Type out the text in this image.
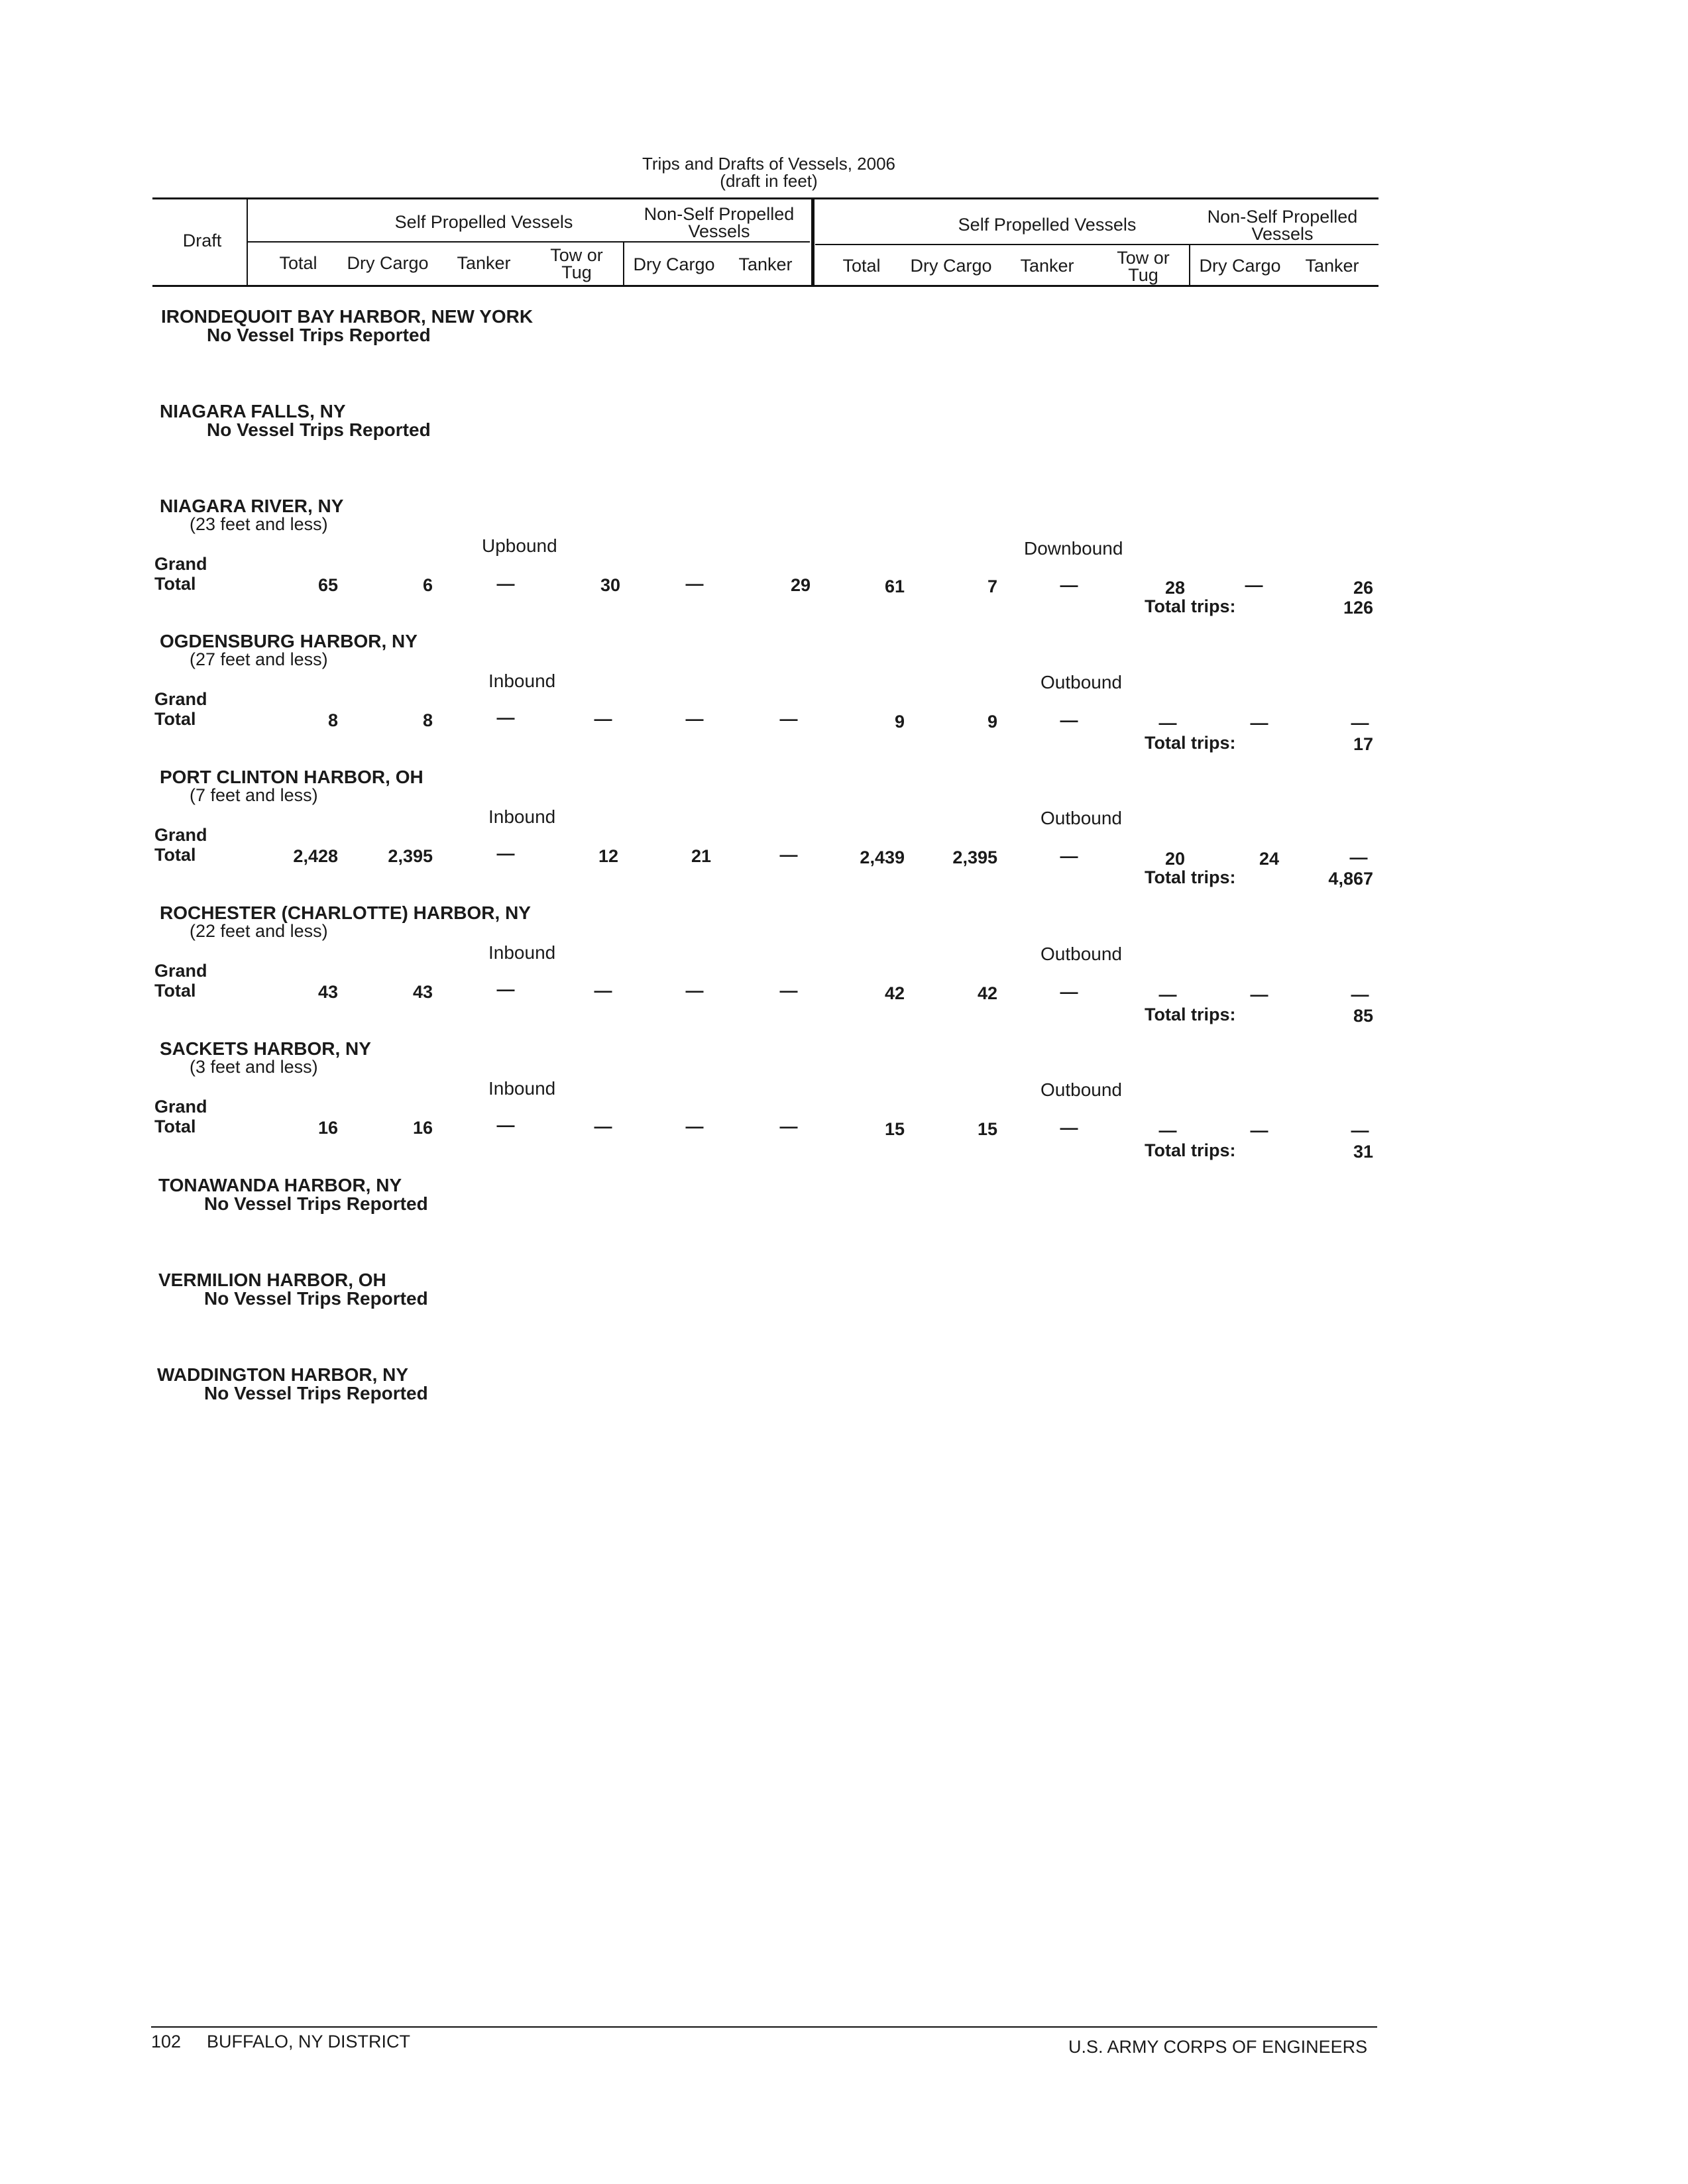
Trips and Drafts of Vessels, 2006
(draft in feet)
Draft
Self Propelled Vessels	Non-Self Propelled
Vessels	Self Propelled Vessels	Non-Self Propelled
Vessels
Total	Dry Cargo	Tanker	Tow or
Tug	Dry Cargo	Tanker	Total	Dry Cargo	Tanker	Tow or
Tug	Dry Cargo	Tanker
IRONDEQUOIT BAY HARBOR, NEW YORK
No Vessel Trips Reported
NIAGARA FALLS, NY
No Vessel Trips Reported
NIAGARA RIVER, NY
(23 feet and less)
Upbound	Downbound
Grand
Total	65	6	—	30	—	29	61	7	—	28	—	26
Total trips:	126
OGDENSBURG HARBOR, NY
(27 feet and less)
Inbound	Outbound
Grand
Total	8	8	—	—	—	—	9	9	—	—	—	—
Total trips:	17
PORT CLINTON HARBOR, OH
(7 feet and less)
Inbound	Outbound
Grand
Total	2,428	2,395	—	12	21	—	2,439	2,395	—	20	24	—
Total trips:	4,867
ROCHESTER (CHARLOTTE) HARBOR, NY
(22 feet and less)
Inbound	Outbound
Grand
Total	43	43	—	—	—	—	42	42	—	—	—	—
Total trips:	85
SACKETS HARBOR, NY
(3 feet and less)
Inbound	Outbound
Grand
Total	16	16	—	—	—	—	15	15	—	—	—	—
Total trips:	31
TONAWANDA HARBOR, NY
No Vessel Trips Reported
VERMILION HARBOR, OH
No Vessel Trips Reported
WADDINGTON HARBOR, NY
No Vessel Trips Reported
102 BUFFALO, NY DISTRICT	U.S. ARMY CORPS OF ENGINEERS
